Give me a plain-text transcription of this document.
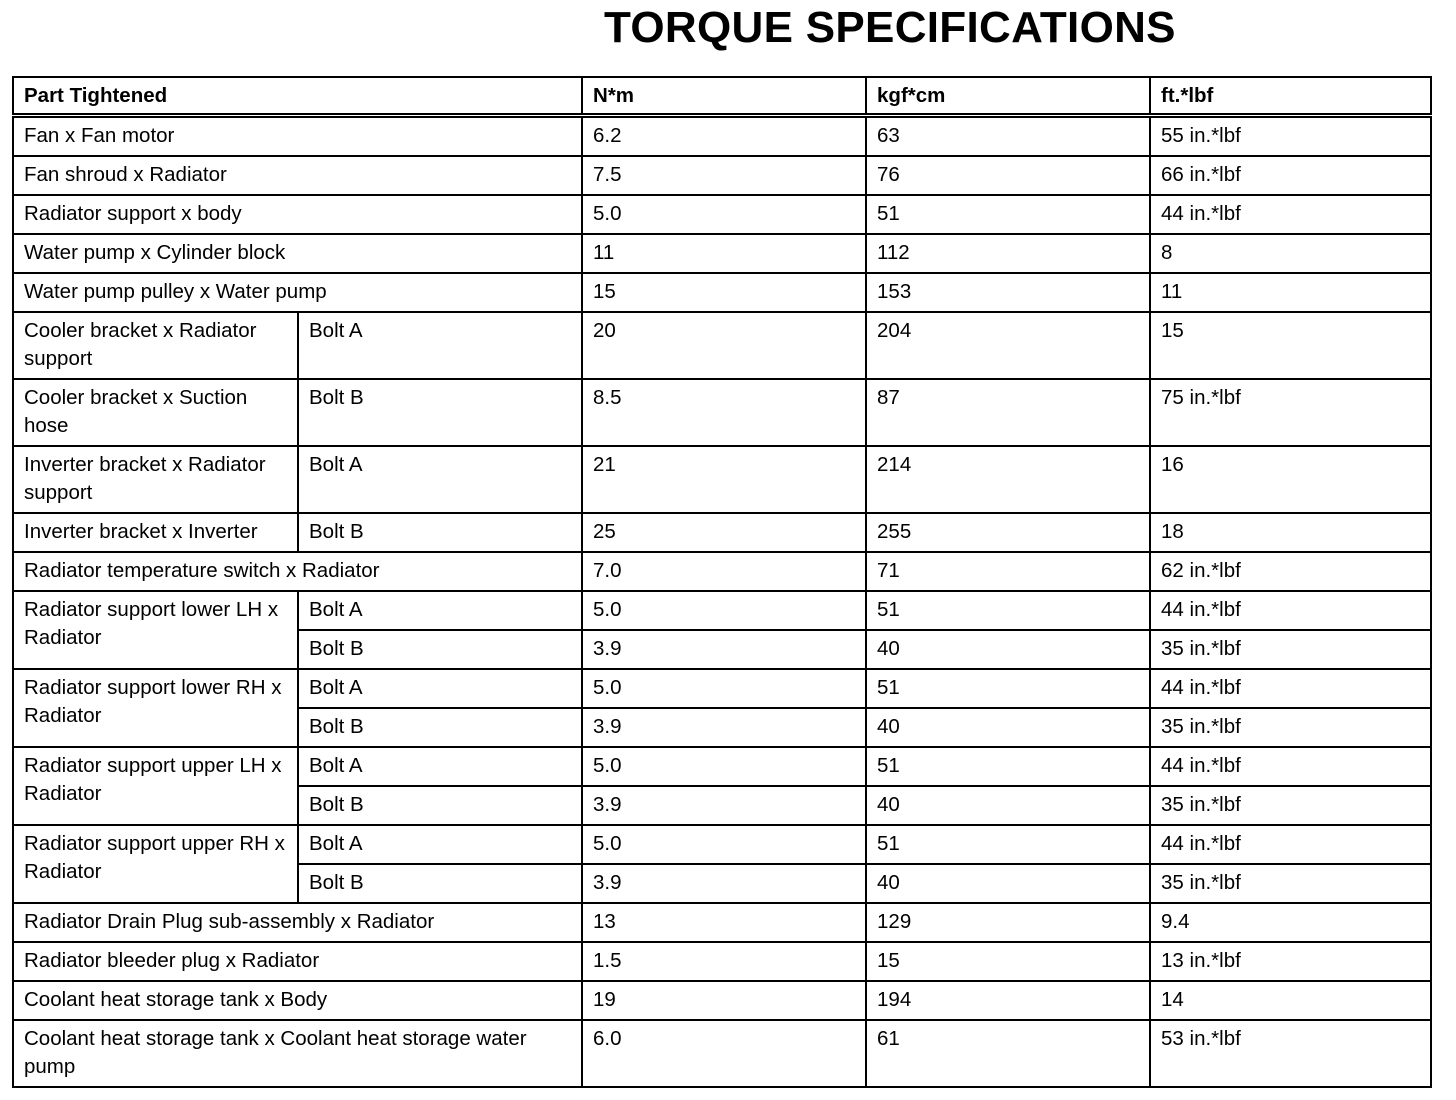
TORQUE SPECIFICATIONS
Part Tightened		N*m	kgf*cm	ft.*lbf
Fan x Fan motor		6.2	63	55 in.*lbf
Fan shroud x Radiator		7.5	76	66 in.*lbf
Radiator support x body		5.0	51	44 in.*lbf
Water pump x Cylinder block		11	112	8
Water pump pulley x Water pump		15	153	11
Cooler bracket x Radiator support	Bolt A	20	204	15
Cooler bracket x Suction hose	Bolt B	8.5	87	75 in.*lbf
Inverter bracket x Radiator support	Bolt A	21	214	16
Inverter bracket x Inverter	Bolt B	25	255	18
Radiator temperature switch x Radiator		7.0	71	62 in.*lbf
Radiator support lower LH x Radiator	Bolt A	5.0	51	44 in.*lbf
	Bolt B	3.9	40	35 in.*lbf
Radiator support lower RH x Radiator	Bolt A	5.0	51	44 in.*lbf
	Bolt B	3.9	40	35 in.*lbf
Radiator support upper LH x Radiator	Bolt A	5.0	51	44 in.*lbf
	Bolt B	3.9	40	35 in.*lbf
Radiator support upper RH x Radiator	Bolt A	5.0	51	44 in.*lbf
	Bolt B	3.9	40	35 in.*lbf
Radiator Drain Plug sub-assembly x Radiator		13	129	9.4
Radiator bleeder plug x Radiator		1.5	15	13 in.*lbf
Coolant heat storage tank x Body		19	194	14
Coolant heat storage tank x Coolant heat storage water pump		6.0	61	53 in.*lbf
